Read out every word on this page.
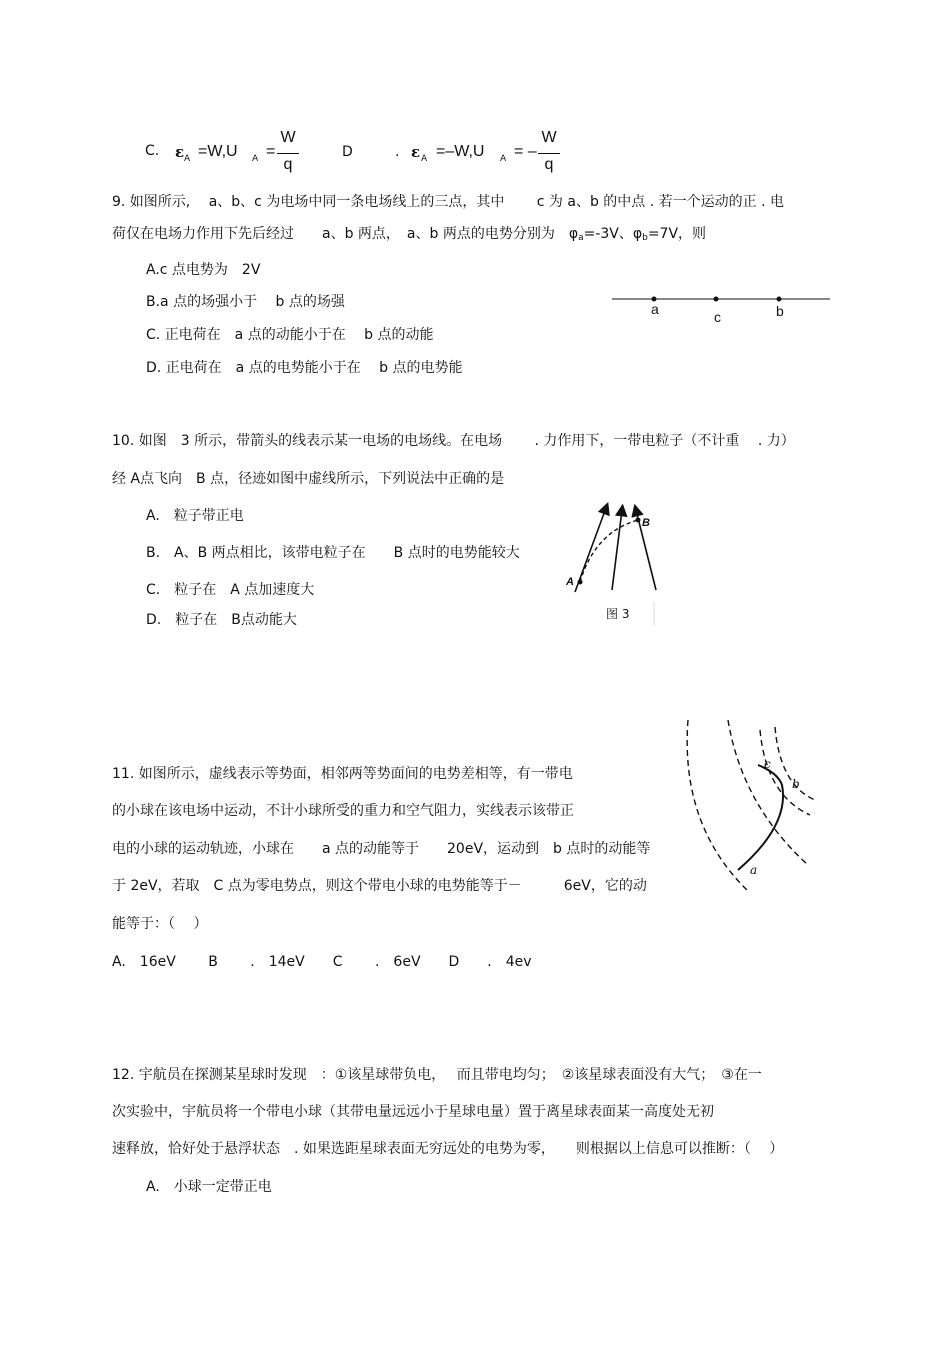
C. ε A =W,U A =
W
q
D	. ε A =–W,U A = –
W
q
9. 如图所示,　 a、b、c 为电场中同一条电场线上的三点，其中　　 c 为 a、b 的中点 . 若一个运动的正 . 电
荷仅在电场力作用下先后经过　　a、b 两点，　a、b 两点的电势分别为　$\varphi_a=-3V$、$\varphi_b=7V$，则
A.c 点电势为　2V
B.a 点的场强小于　 b 点的场强
C. 正电荷在　a 点的动能小于在　 b 点的动能
D. 正电荷在　a 点的电势能小于在　 b 点的电势能
a	c	b
10. 如图　3 所示，带箭头的线表示某一电场的电场线。在电场　　 . 力作用下，一带电粒子（不计重　 . 力）
经 A点飞向　B 点，径迹如图中虚线所示，下列说法中正确的是
A.　粒子带正电
B.　A、B 两点相比，该带电粒子在　　B 点时的电势能较大
C.　粒子在　A 点加速度大
D.　粒子在　B点动能大
A
B
图 3
11. 如图所示，虚线表示等势面，相邻两等势面间的电势差相等，有一带电
的小球在该电场中运动，不计小球所受的重力和空气阻力，实线表示该带正
电的小球的运动轨迹，小球在　　a 点的动能等于　　20eV，运动到　b 点时的动能等
于 2eV，若取　C 点为零电势点，则这个带电小球的电势能等于－　　　6eV，它的动
能等于：（　 ）
A.　16eV　　 B　　 .　14eV　　C　　 .　6eV　　D　　.　4ev
c
b
a
12. 宇航员在探测某星球时发现　：①该星球带负电，　 而且带电均匀；　②该星球表面没有大气；　③在一
次实验中，宇航员将一个带电小球（其带电量远远小于星球电量）置于离星球表面某一高度处无初
速释放，恰好处于悬浮状态　. 如果选距星球表面无穷远处的电势为零，　　则根据以上信息可以推断：（　 ）
A.　小球一定带正电
